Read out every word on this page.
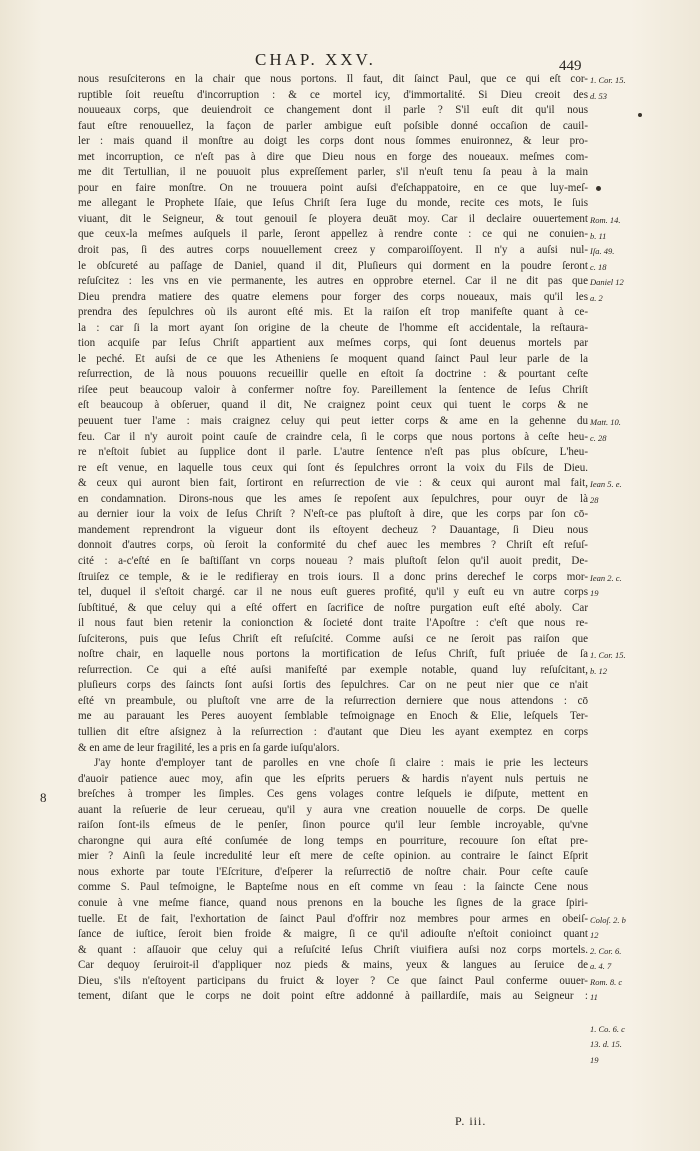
CHAP. XXV.	449
8
nous resuſciterons en la chair que nous portons. Il faut, dit ſainct Paul, que ce qui eſt cor-
ruptible ſoit reueſtu d'incorruption : & ce mortel icy, d'immortalité. Si Dieu creoit des
nouueaux corps, que deuiendroit ce changement dont il parle ? S'il euſt dit qu'il nous
faut eſtre renouuellez, la façon de parler ambigue euſt poſsible donné occaſion de cauil-
ler : mais quand il monſtre au doigt les corps dont nous ſommes enuironnez, & leur pro-
met incorruption, ce n'eſt pas à dire que Dieu nous en forge des noueaux. meſmes com-
me dit Tertullian, il ne pouuoit plus expreſſement parler, s'il n'euſt tenu ſa peau à la main
pour en faire monſtre. On ne trouuera point auſsi d'eſchappatoire, en ce que luy-meſ-
me allegant le Prophete Iſaie, que Ieſus Chriſt ſera Iuge du monde, recite ces mots, Ie ſuis
viuant, dit le Seigneur, & tout genouil ſe ployera deuāt moy. Car il declaire ouuertement
que ceux-la meſmes auſquels il parle, ſeront appellez à rendre conte : ce qui ne conuien-
droit pas, ſi des autres corps nouuellement creez y comparoiſſoyent. Il n'y a auſsi nul-
le obſcureté au paſſage de Daniel, quand il dit, Pluſieurs qui dorment en la poudre ſeront
reſuſcitez : les vns en vie permanente, les autres en opprobre eternel. Car il ne dit pas que
Dieu prendra matiere des quatre elemens pour forger des corps noueaux, mais qu'il les
prendra des ſepulchres où ils auront eſté mis. Et la raiſon eſt trop manifeſte quant à ce-
la : car ſi la mort ayant ſon origine de la cheute de l'homme eſt accidentale, la reſtaura-
tion acquiſe par Ieſus Chriſt appartient aux meſmes corps, qui ſont deuenus mortels par
le peché. Et auſsi de ce que les Atheniens ſe moquent quand ſainct Paul leur parle de la
reſurrection, de là nous pouuons recueillir quelle en eſtoit ſa doctrine : & pourtant ceſte
riſee peut beaucoup valoir à confermer noſtre foy. Pareillement la ſentence de Ieſus Chriſt
eſt beaucoup à obſeruer, quand il dit, Ne craignez point ceux qui tuent le corps & ne
peuuent tuer l'ame : mais craignez celuy qui peut ietter corps & ame en la gehenne du
feu. Car il n'y auroit point cauſe de craindre cela, ſi le corps que nous portons à ceſte heu-
re n'eſtoit ſubiet au ſupplice dont il parle. L'autre ſentence n'eſt pas plus obſcure, L'heu-
re eſt venue, en laquelle tous ceux qui ſont és ſepulchres orront la voix du Fils de Dieu.
& ceux qui auront bien fait, ſortiront en reſurrection de vie : & ceux qui auront mal fait,
en condamnation. Dirons-nous que les ames ſe repoſent aux ſepulchres, pour ouyr de là
au dernier iour la voix de Ieſus Chriſt ? N'eſt-ce pas pluſtoſt à dire, que les corps par ſon cō-
mandement reprendront la vigueur dont ils eſtoyent decheuz ? Dauantage, ſi Dieu nous
donnoit d'autres corps, où ſeroit la conformité du chef auec les membres ? Chriſt eſt reſuſ-
cité : a-c'eſté en ſe baſtiſſant vn corps noueau ? mais pluſtoſt ſelon qu'il auoit predit, De-
ſtruiſez ce temple, & ie le redifieray en trois iours. Il a donc prins derechef le corps mor-
tel, duquel il s'eſtoit chargé. car il ne nous euſt gueres profité, qu'il y euſt eu vn autre corps
ſubſtitué, & que celuy qui a eſté offert en ſacrifice de noſtre purgation euſt eſté aboly. Car
il nous faut bien retenir la conionction & ſocieté dont traite l'Apoſtre : c'eſt que nous re-
ſuſciterons, puis que Ieſus Chriſt eſt reſuſcité. Comme auſsi ce ne ſeroit pas raiſon que
noſtre chair, en laquelle nous portons la mortification de Ieſus Chriſt, fuſt priuée de ſa
reſurrection. Ce qui a eſté auſsi manifeſté par exemple notable, quand luy reſuſcitant,
pluſieurs corps des ſaincts ſont auſsi ſortis des ſepulchres. Car on ne peut nier que ce n'ait
eſté vn preambule, ou pluſtoſt vne arre de la reſurrection derniere que nous attendons : cō
me au parauant les Peres auoyent ſemblable teſmoignage en Enoch & Elie, leſquels Ter-
tullien dit eſtre aſsignez à la reſurrection : d'autant que Dieu les ayant exemptez en corps
& en ame de leur fragilité, les a pris en ſa garde iuſqu'alors.
J'ay honte d'employer tant de parolles en vne choſe ſi claire : mais ie prie les lecteurs
d'auoir patience auec moy, afin que les eſprits peruers & hardis n'ayent nuls pertuis ne
breſches à tromper les ſimples. Ces gens volages contre leſquels ie diſpute, mettent en
auant la reſuerie de leur cerueau, qu'il y aura vne creation nouuelle de corps. De quelle
raiſon ſont-ils eſmeus de le penſer, ſinon pource qu'il leur ſemble incroyable, qu'vne
charongne qui aura eſté conſumée de long temps en pourriture, recouure ſon eſtat pre-
mier ? Ainſi la ſeule incredulité leur eſt mere de ceſte opinion. au contraire le ſainct Eſprit
nous exhorte par toute l'Eſcriture, d'eſperer la reſurrectiō de noſtre chair. Pour ceſte cauſe
comme S. Paul teſmoigne, le Bapteſme nous en eſt comme vn ſeau : la ſaincte Cene nous
conuie à vne meſme fiance, quand nous prenons en la bouche les ſignes de la grace ſpiri-
tuelle. Et de fait, l'exhortation de ſainct Paul d'offrir noz membres pour armes en obeiſ-
ſance de iuſtice, ſeroit bien froide & maigre, ſi ce qu'il adiouſte n'eſtoit conioinct quant
& quant : aſſauoir que celuy qui a reſuſcité Ieſus Chriſt viuifiera auſsi noz corps mortels.
Car dequoy ſeruiroit-il d'appliquer noz pieds & mains, yeux & langues au ſeruice de
Dieu, s'ils n'eſtoyent participans du fruict & loyer ? Ce que ſainct Paul conferme ouuer-
tement, diſant que le corps ne doit point eſtre addonné à paillardiſe, mais au Seigneur :
1. Cor. 15.
d. 53
Rom. 14.
b. 11
Iſa. 49.
c. 18
Daniel 12
a. 2
Matt. 10.
c. 28
Iean 5. e.
28
Iean 2. c.
19
1. Cor. 15.
b. 12
Coloſ. 2. b
12
2. Cor. 6.
a. 4. 7
Rom. 8. c
11
1. Co. 6. c
13. d. 15.
19
P. iii.
